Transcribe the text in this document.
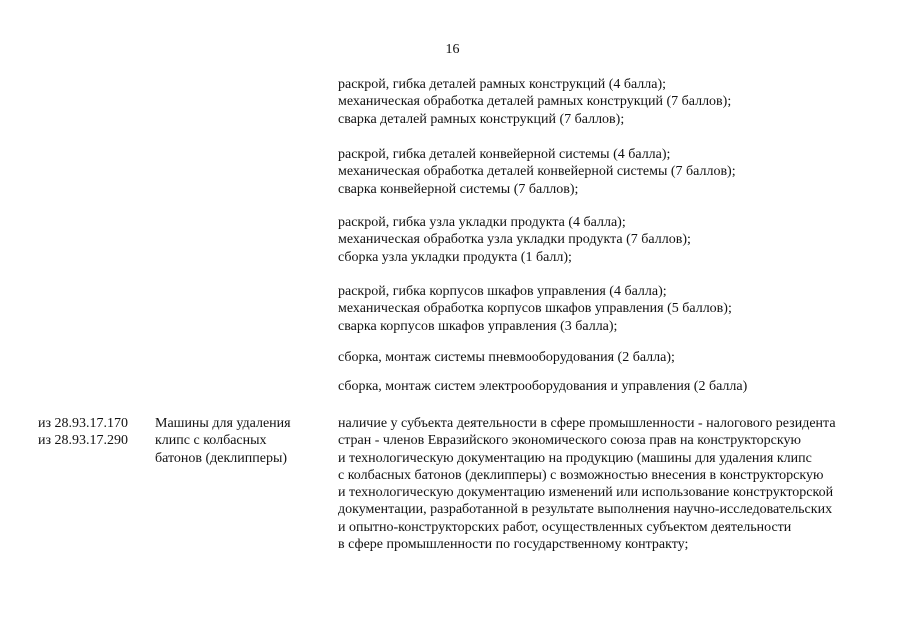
16
раскрой, гибка деталей рамных конструкций (4 балла);
механическая обработка деталей рамных конструкций (7 баллов);
сварка деталей рамных конструкций (7 баллов);
раскрой, гибка деталей конвейерной системы (4 балла);
механическая обработка деталей конвейерной системы (7 баллов);
сварка конвейерной системы (7 баллов);
раскрой, гибка узла укладки продукта (4 балла);
механическая обработка узла укладки продукта (7 баллов);
сборка узла укладки продукта (1 балл);
раскрой, гибка корпусов шкафов управления (4 балла);
механическая обработка корпусов шкафов управления (5 баллов);
сварка корпусов шкафов управления (3 балла);
сборка, монтаж системы пневмооборудования (2 балла);
сборка, монтаж систем электрооборудования и управления (2 балла)
из 28.93.17.170
из 28.93.17.290
Машины для удаления
клипс с колбасных
батонов (деклипперы)
наличие у субъекта деятельности в сфере промышленности - налогового резидента
стран - членов Евразийского экономического союза прав на конструкторскую
и технологическую документацию на продукцию (машины для удаления клипс
с колбасных батонов (деклипперы) с возможностью внесения в конструкторскую
и технологическую документацию изменений или использование конструкторской
документации, разработанной в результате выполнения научно-исследовательских
и опытно-конструкторских работ, осуществленных субъектом деятельности
в сфере промышленности по государственному контракту;
